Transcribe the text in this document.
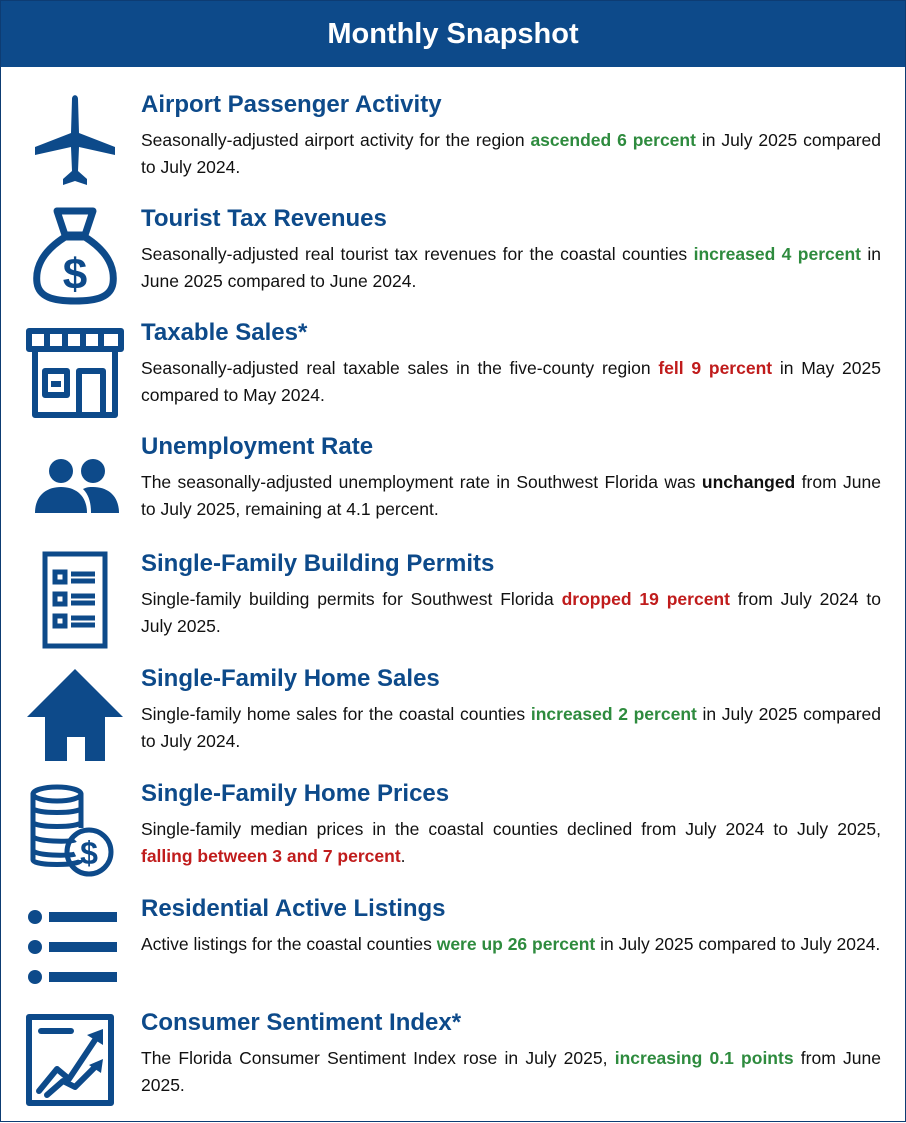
Monthly Snapshot
Airport Passenger Activity

Seasonally-adjusted airport activity for the region ascended 6 percent in July 2025 compared to July 2024.

$
Tourist Tax Revenues

Seasonally-adjusted real tourist tax revenues for the coastal counties increased 4 percent in June 2025 compared to June 2024.

Taxable Sales*

Seasonally-adjusted real taxable sales in the five-county region fell 9 percent in May 2025 compared to May 2024.

Unemployment Rate

The seasonally-adjusted unemployment rate in Southwest Florida was unchanged from June to July 2025, remaining at 4.1 percent.

Single-Family Building Permits

Single-family building permits for Southwest Florida dropped 19 percent from July 2024 to July 2025.

Single-Family Home Sales

Single-family home sales for the coastal counties increased 2 percent in July 2025 compared to July 2024.

$
Single-Family Home Prices

Single-family median prices in the coastal counties declined from July 2024 to July 2025, falling between 3 and 7 percent.

Residential Active Listings

Active listings for the coastal counties were up 26 percent in July 2025 compared to July 2024.

Consumer Sentiment Index*

The Florida Consumer Sentiment Index rose in July 2025, increasing 0.1 points from June 2025.
